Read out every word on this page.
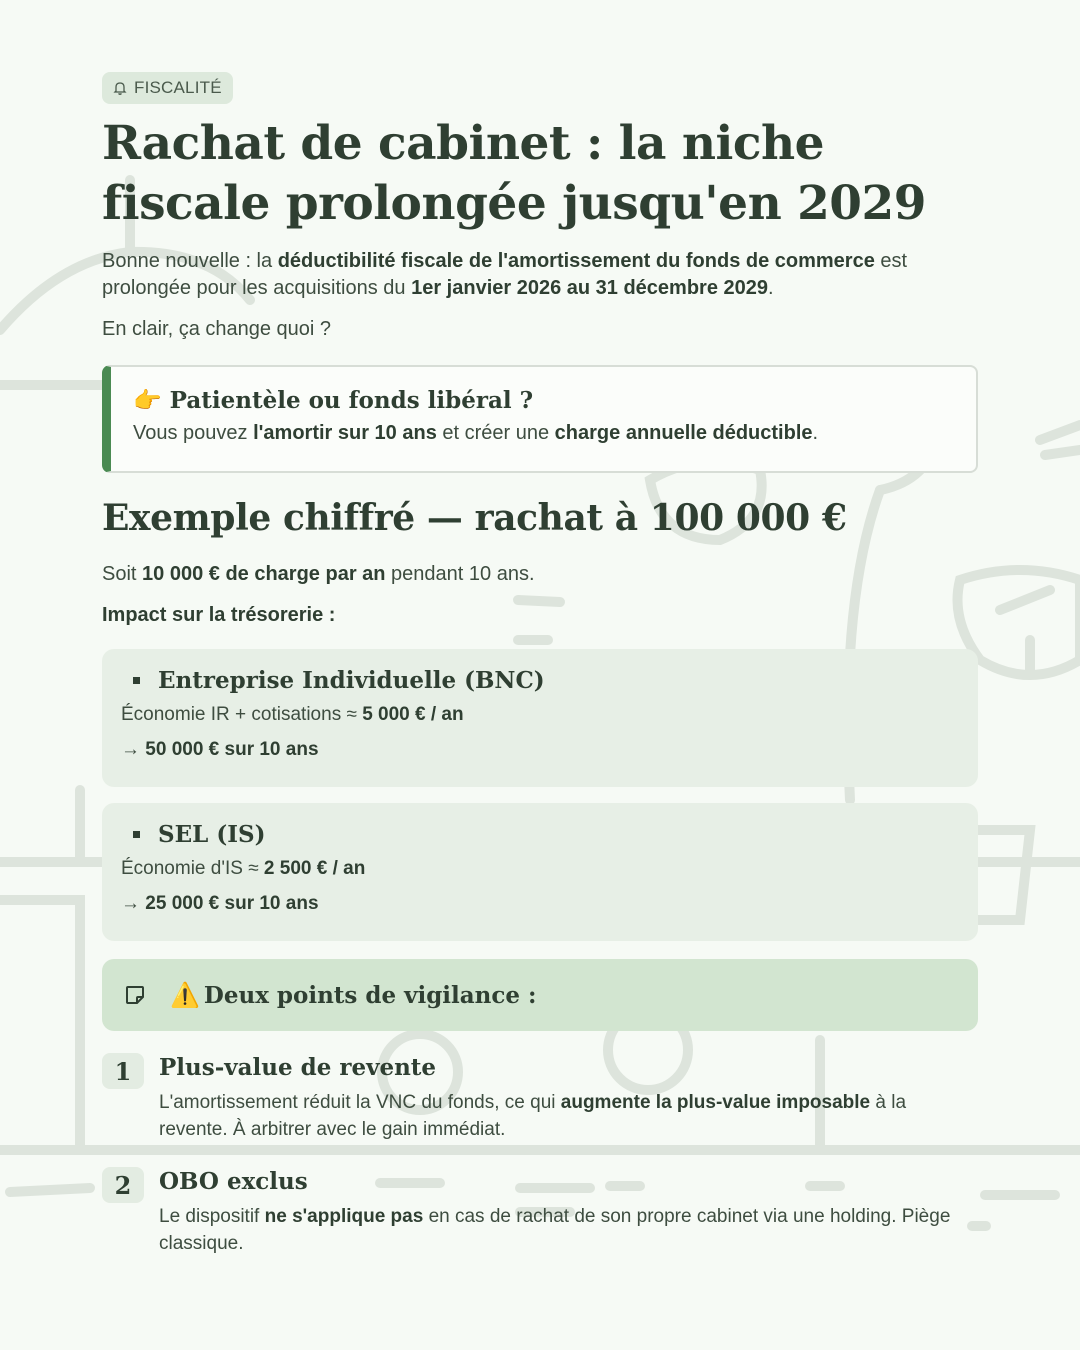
FISCALITÉ
Rachat de cabinet : la niche fiscale prolongée jusqu'en 2029

Bonne nouvelle : la déductibilité fiscale de l'amortissement du fonds de commerce est prolongée pour les acquisitions du 1er janvier 2026 au 31 décembre 2029.

En clair, ça change quoi ?

👉 Patientèle ou fonds libéral ?
Vous pouvez l'amortir sur 10 ans et créer une charge annuelle déductible.
Exemple chiffré — rachat à 100 000 €

Soit 10 000 € de charge par an pendant 10 ans.

Impact sur la trésorerie :

Entreprise Individuelle (BNC)
Économie IR + cotisations ≈ 5 000 € / an
→ 50 000 € sur 10 ans
SEL (IS)
Économie d'IS ≈ 2 500 € / an
→ 25 000 € sur 10 ans
⚠️ Deux points de vigilance :
1	Plus-value de revente
L'amortissement réduit la VNC du fonds, ce qui augmente la plus-value imposable à la revente. À arbitrer avec le gain immédiat.
2	OBO exclus
Le dispositif ne s'applique pas en cas de rachat de son propre cabinet via une holding. Piège classique.
